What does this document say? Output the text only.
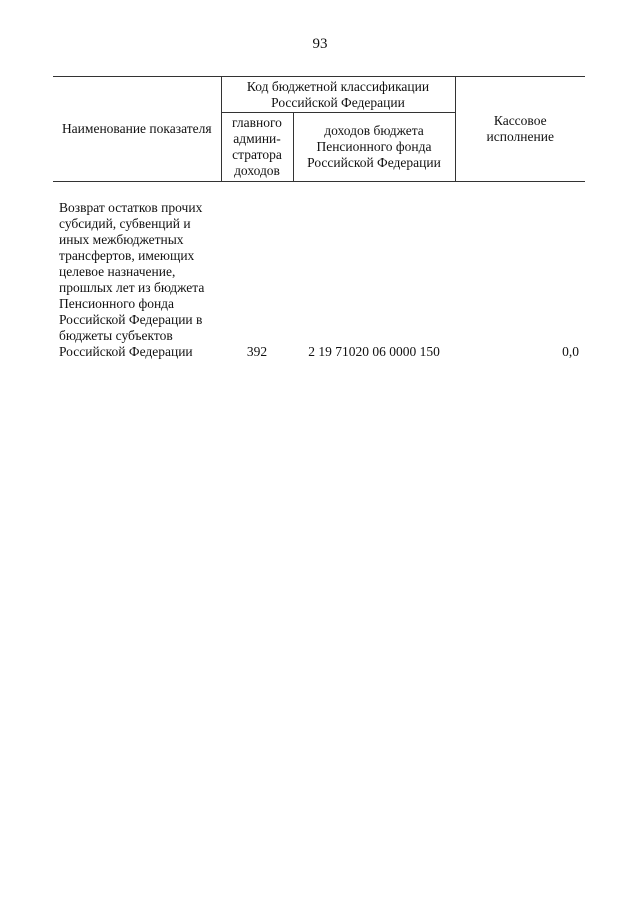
93
Наименование показателя	Код бюджетной классификации Российской Федерации		Кассовое исполнение
	главного админи-стратора доходов	доходов бюджета Пенсионного фонда Российской Федерации	
Возврат остатков прочих субсидий, субвенций и иных межбюджетных трансфертов, имеющих целевое назначение, прошлых лет из бюджета Пенсионного фонда Российской Федерации в бюджеты субъектов Российской Федерации	392	2 19 71020 06 0000 150	0,0
